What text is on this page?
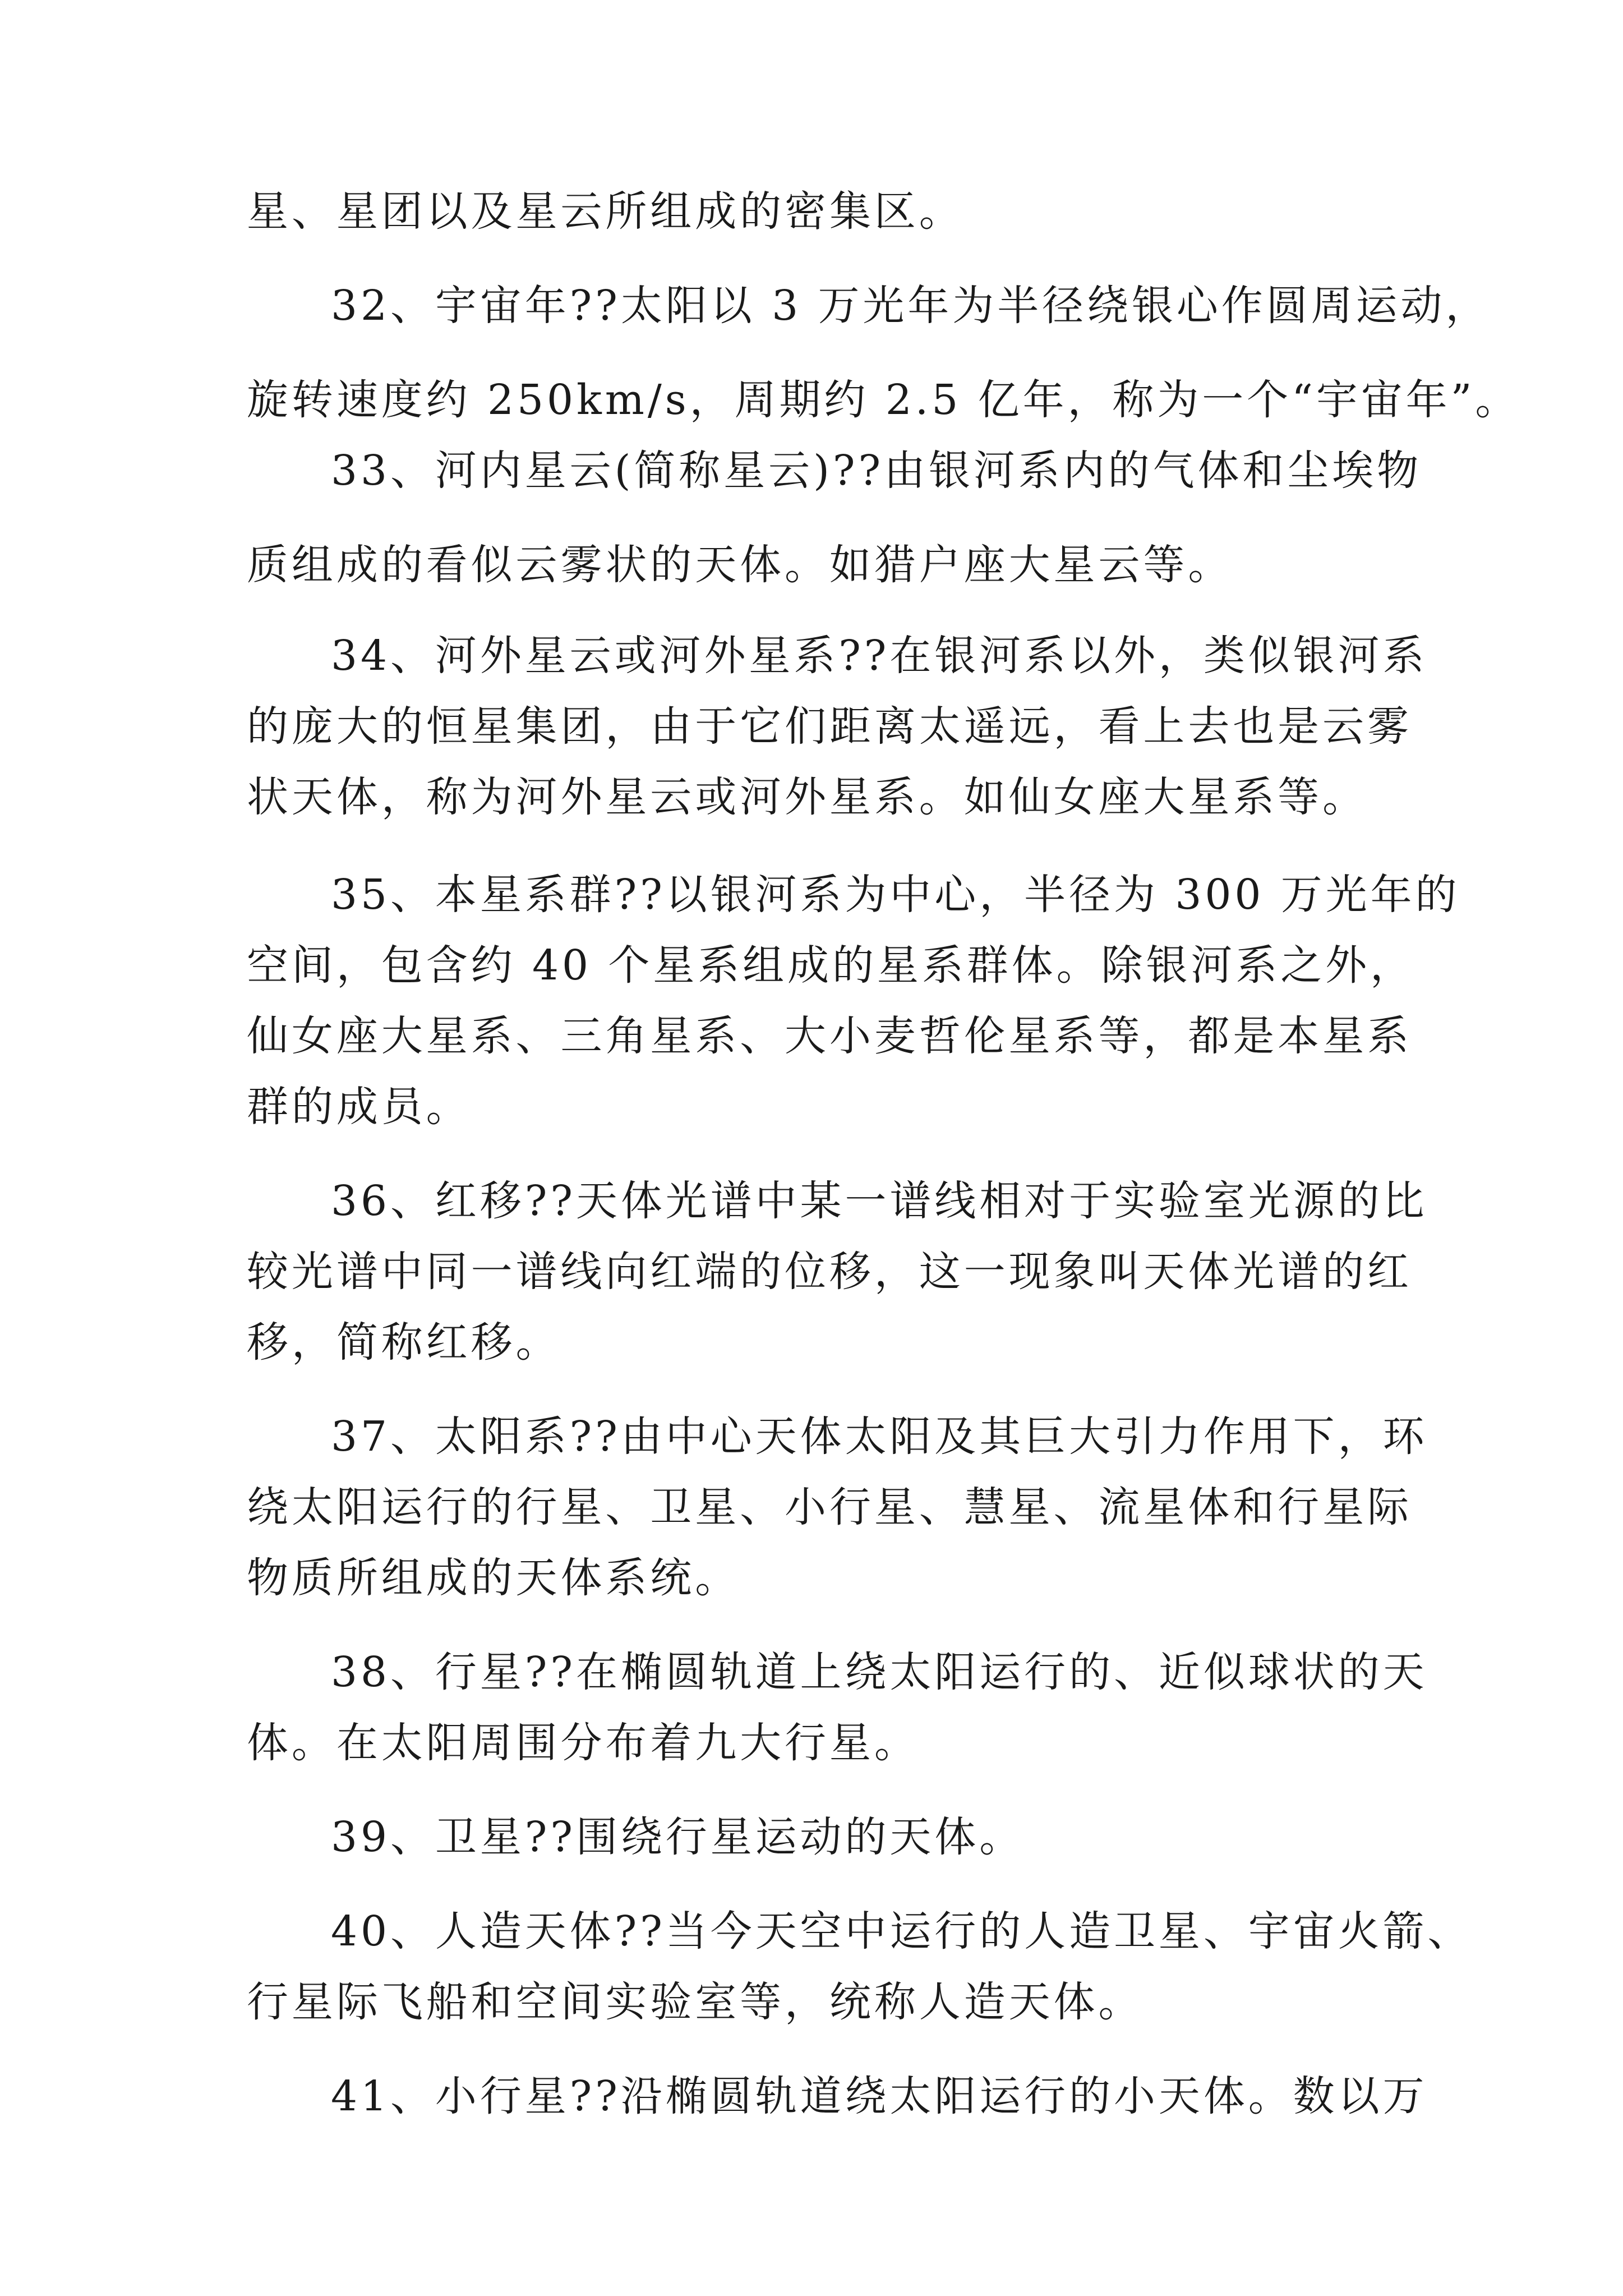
星、星团以及星云所组成的密集区。
32、宇宙年??太阳以 3 万光年为半径绕银心作圆周运动，
旋转速度约 250km/s，周期约 2.5 亿年，称为一个“宇宙年”。
33、河内星云(简称星云)??由银河系内的气体和尘埃物
质组成的看似云雾状的天体。如猎户座大星云等。
34、河外星云或河外星系??在银河系以外，类似银河系
的庞大的恒星集团，由于它们距离太遥远，看上去也是云雾
状天体，称为河外星云或河外星系。如仙女座大星系等。
35、本星系群??以银河系为中心，半径为 300 万光年的
空间，包含约 40 个星系组成的星系群体。除银河系之外，
仙女座大星系、三角星系、大小麦哲伦星系等，都是本星系
群的成员。
36、红移??天体光谱中某一谱线相对于实验室光源的比
较光谱中同一谱线向红端的位移，这一现象叫天体光谱的红
移，简称红移。
37、太阳系??由中心天体太阳及其巨大引力作用下，环
绕太阳运行的行星、卫星、小行星、慧星、流星体和行星际
物质所组成的天体系统。
38、行星??在椭圆轨道上绕太阳运行的、近似球状的天
体。在太阳周围分布着九大行星。
39、卫星??围绕行星运动的天体。
40、人造天体??当今天空中运行的人造卫星、宇宙火箭、
行星际飞船和空间实验室等，统称人造天体。
41、小行星??沿椭圆轨道绕太阳运行的小天体。数以万
